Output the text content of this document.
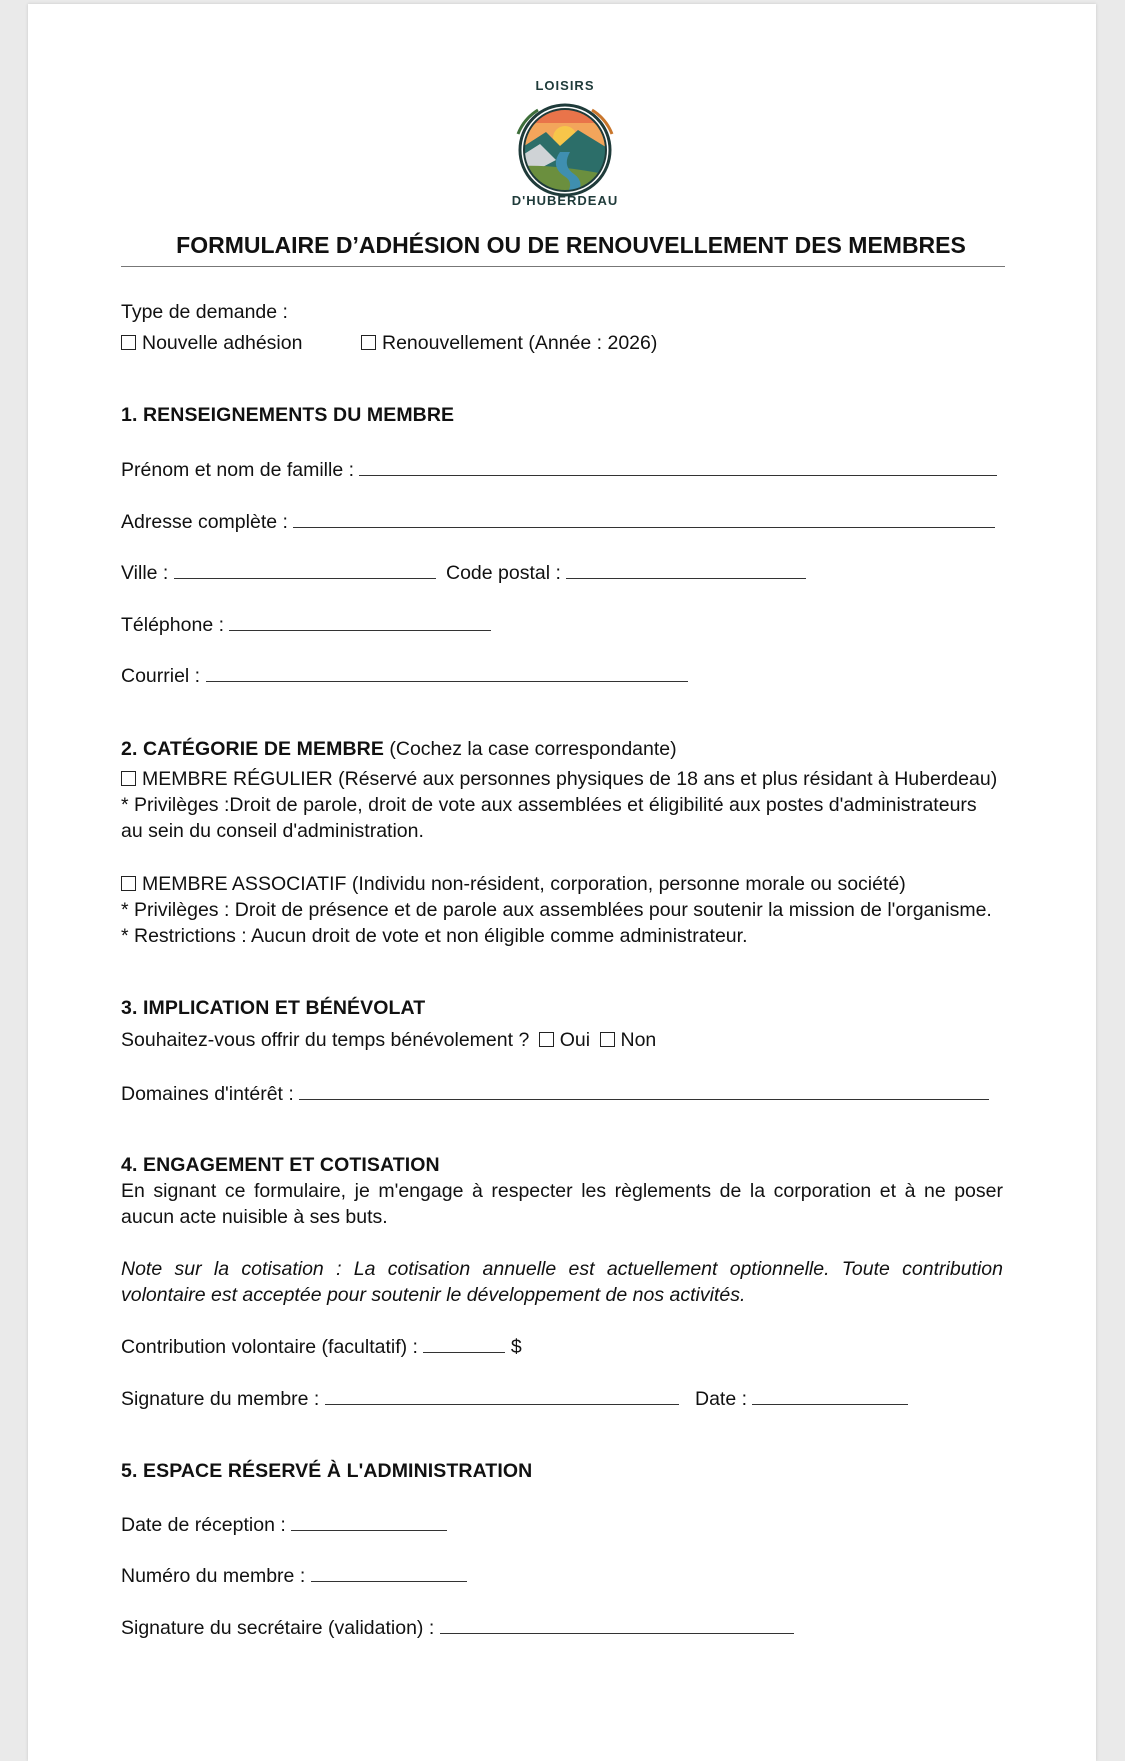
LOISIRS
D'HUBERDEAU
FORMULAIRE D’ADHÉSION OU DE RENOUVELLEMENT DES MEMBRES
Type de demande :
Nouvelle adhésion	Renouvellement (Année : 2026)
1. RENSEIGNEMENTS DU MEMBRE
Prénom et nom de famille :
Adresse complète :
Ville :	Code postal :
Téléphone :
Courriel :
2. CATÉGORIE DE MEMBRE (Cochez la case correspondante)
MEMBRE RÉGULIER (Réservé aux personnes physiques de 18 ans et plus résidant à Huberdeau)
* Privilèges :Droit de parole, droit de vote aux assemblées et éligibilité aux postes d'administrateurs
au sein du conseil d'administration.
MEMBRE ASSOCIATIF (Individu non-résident, corporation, personne morale ou société)
* Privilèges : Droit de présence et de parole aux assemblées pour soutenir la mission de l'organisme.
* Restrictions : Aucun droit de vote et non éligible comme administrateur.
3. IMPLICATION ET BÉNÉVOLAT
Souhaitez-vous offrir du temps bénévolement ? Oui Non
Domaines d'intérêt :
4. ENGAGEMENT ET COTISATION
En signant ce formulaire, je m'engage à respecter les règlements de la corporation et à ne poser aucun acte nuisible à ses buts.
Note sur la cotisation : La cotisation annuelle est actuellement optionnelle. Toute contribution volontaire est acceptée pour soutenir le développement de nos activités.
Contribution volontaire (facultatif) :	$
Signature du membre :	Date :
5. ESPACE RÉSERVÉ À L'ADMINISTRATION
Date de réception :
Numéro du membre :
Signature du secrétaire (validation) :
